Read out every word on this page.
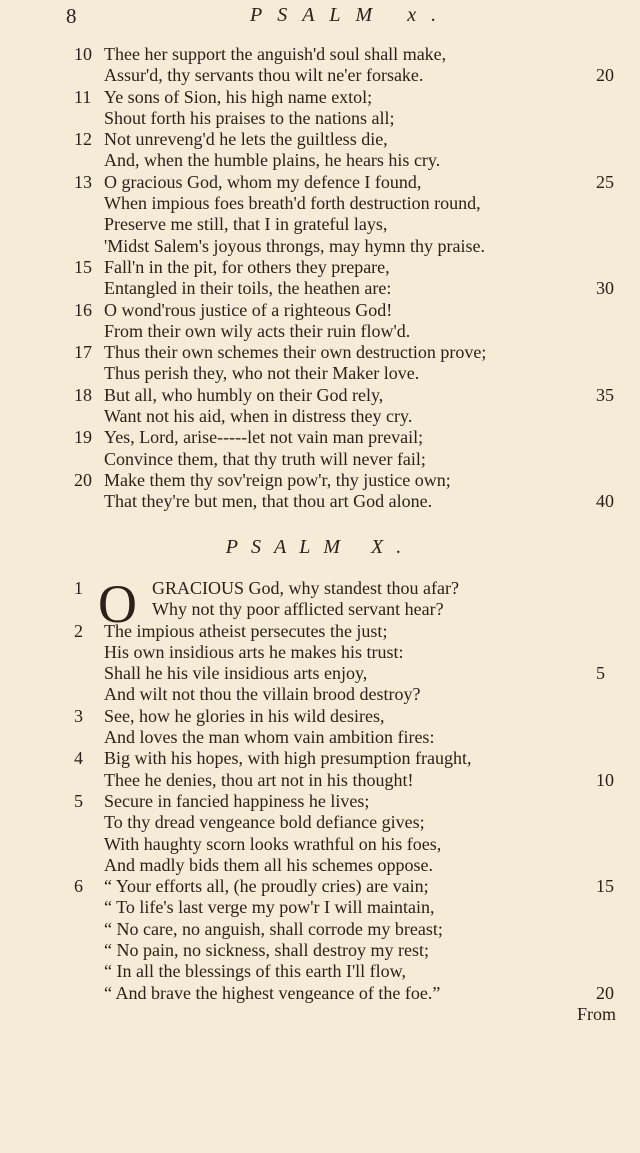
8	PSALM x.
10 Thee her support the anguish'd soul shall make,
Assur'd, thy servants thou wilt ne'er forsake.	20
11 Ye sons of Sion, his high name extol;
Shout forth his praises to the nations all;
12 Not unreveng'd he lets the guiltless die,
And, when the humble plains, he hears his cry.
13 O gracious God, whom my defence I found,	25
When impious foes breath'd forth destruction round,
Preserve me still, that I in grateful lays,
'Midst Salem's joyous throngs, may hymn thy praise.
15 Fall'n in the pit, for others they prepare,
Entangled in their toils, the heathen are:	30
16 O wond'rous justice of a righteous God!
From their own wily acts their ruin flow'd.
17 Thus their own schemes their own destruction prove;
Thus perish they, who not their Maker love.
18 But all, who humbly on their God rely,	35
Want not his aid, when in distress they cry.
19 Yes, Lord, arise-----let not vain man prevail;
Convince them, that thy truth will never fail;
20 Make them thy sov'reign pow'r, thy justice own;
That they're but men, that thou art God alone.	40
PSALM X.
O
1	GRACIOUS God, why standest thou afar?
Why not thy poor afflicted servant hear?
2	The impious atheist persecutes the just;
His own insidious arts he makes his trust:
Shall he his vile insidious arts enjoy,	5
And wilt not thou the villain brood destroy?
3	See, how he glories in his wild desires,
And loves the man whom vain ambition fires:
4	Big with his hopes, with high presumption fraught,
Thee he denies, thou art not in his thought!	10
5	Secure in fancied happiness he lives;
To thy dread vengeance bold defiance gives;
With haughty scorn looks wrathful on his foes,
And madly bids them all his schemes oppose.
6	“ Your efforts all, (he proudly cries) are vain;	15
“ To life's last verge my pow'r I will maintain,
“ No care, no anguish, shall corrode my breast;
“ No pain, no sickness, shall destroy my rest;
“ In all the blessings of this earth I'll flow,
“ And brave the highest vengeance of the foe.”	20
From
